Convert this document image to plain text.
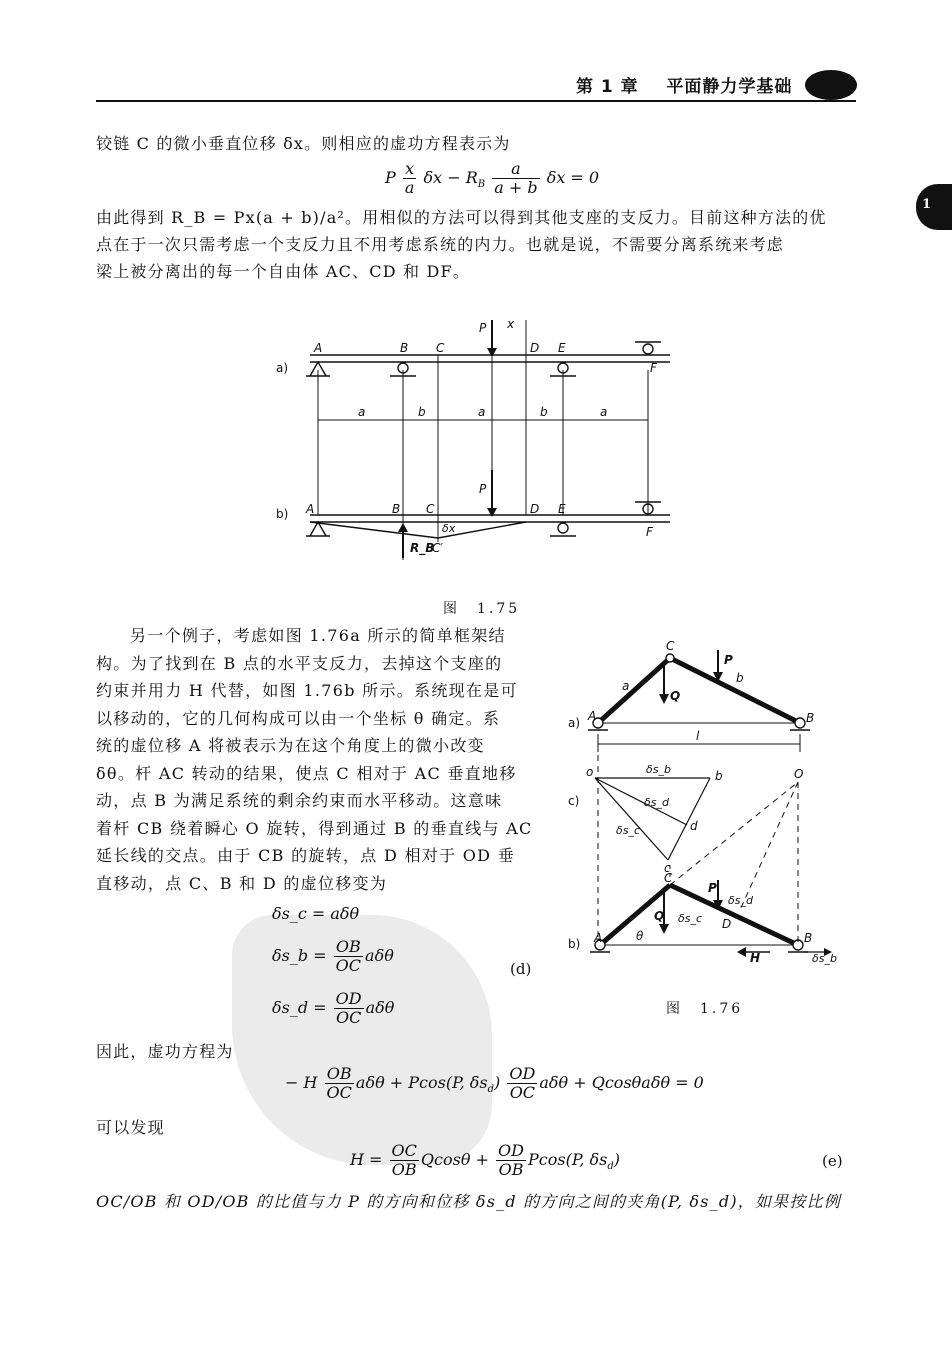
第 1 章 平面静力学基础
1
铰链 C 的微小垂直位移 δx。则相应的虚功方程表示为
P $\frac{x}{a}$ $\delta x - R_B \frac{a}{a + b}$ δx = 0
由此得到 R_B = Px(a + b)/a²。用相似的方法可以得到其他支座的支反力。目前这种方法的优
点在于一次只需考虑一个支反力且不用考虑系统的内力。也就是说，不需要分离系统来考虑
梁上被分离出的每一个自由体 AC、CD 和 DF。
a)
b)
A	B C	D E
F
P x
a	b	a	b	a
P
A	B C	D E
F
δx
R_B
C′
图　1.75
另一个例子，考虑如图 1.76a 所示的简单框架结
构。为了找到在 B 点的水平支反力，去掉这个支座的
约束并用力 H 代替，如图 1.76b 所示。系统现在是可
以移动的，它的几何构成可以由一个坐标 θ 确定。系
统的虚位移 A 将被表示为在这个角度上的微小改变
δθ。杆 AC 转动的结果，使点 C 相对于 AC 垂直地移
动，点 B 为满足系统的剩余约束而水平移动。这意味
着杆 CB 绕着瞬心 O 旋转，得到通过 B 的垂直线与 AC
延长线的交点。由于 CB 的旋转，点 D 相对于 OD 垂
直移动，点 C、B 和 D 的虚位移变为
δs_c = aδθ
δs_b = $\frac{OB}{OC}$ aδθ
δs_d = $\frac{OD}{OC}$ aδθ
(d)
a)
c)
b)
C
A	B
a
b
Q
P
l
o	O
δs_b	b
δs_d
d
δs_c
c
C
A	B
θ
Q
P
δs_c
δs_d
D
H	δs_b
图　1.76
因此，虚功方程为
− H $\frac{OB}{OC}$ aδθ + Pcos(P, $\delta s_d) \frac{OD}{OC}$ aδθ + Qcosθaδθ = 0
可以发现
$H = \frac{OC}{OB}$ $Qcos\theta + \frac{OD}{OB} Pcos(P$, $\delta s_d$)	(e)
OC/OB 和 OD/OB 的比值与力 P 的方向和位移 δs_d 的方向之间的夹角(P, δs_d)，如果按比例
